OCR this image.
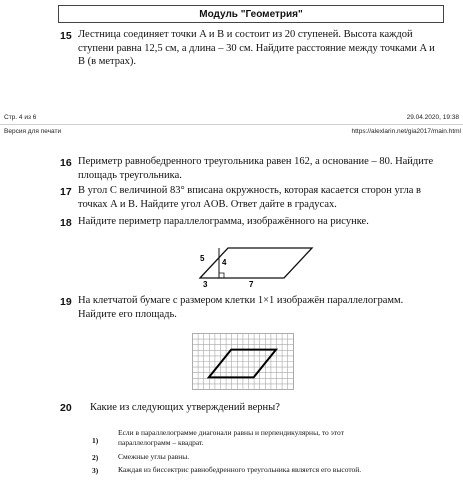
Модуль "Геометрия"
15 Лестница соединяет точки A и B и состоит из 20 ступеней. Высота каждой
ступени равна 12,5 см, а длина – 30 см. Найдите расстояние между точками A и
B (в метрах).
Стр. 4 из 6	29.04.2020, 19:38
Версия для печати	https://alexlarin.net/gia2017/main.html
16 Периметр равнобедренного треугольника равен 162, а основание – 80. Найдите
площадь треугольника.
17 В угол C величиной 83° вписана окружность, которая касается сторон угла в
точках A и B. Найдите угол AOB. Ответ дайте в градусах.
18 Найдите периметр параллелограмма, изображённого на рисунке.
5 4
3	7
19 На клетчатой бумаге с размером клетки 1×1 изображён параллелограмм.
Найдите его площадь.
20 Какие из следующих утверждений верны?
1)
Если в параллелограмме диагонали равны и перпендикулярны, то этот
параллелограмм – квадрат.
2)	Смежные углы равны.
3)	Каждая из биссектрис равнобедренного треугольника является его высотой.
